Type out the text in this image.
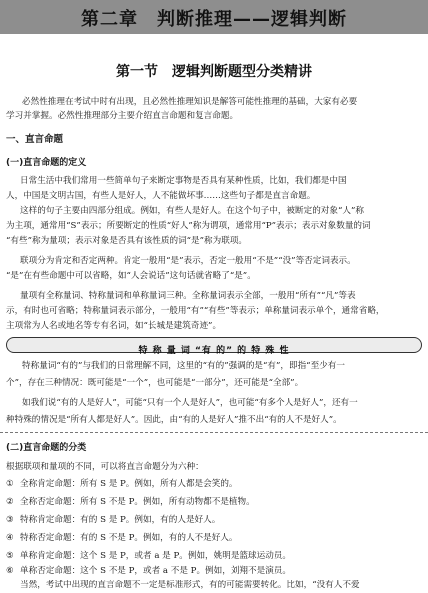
第二章　判断推理——逻辑判断
第一节　逻辑判断题型分类精讲
必然性推理在考试中时有出现，且必然性推理知识是解答可能性推理的基础，大家有必要
学习并掌握。必然性推理部分主要介绍直言命题和复言命题。
一、直言命题
(一)直言命题的定义
日常生活中我们常用一些简单句子来断定事物是否具有某种性质，比如，我们都是中国
人，中国是文明古国，有些人是好人，人不能做坏事……这些句子都是直言命题。
这样的句子主要由四部分组成。例如，有些人是好人。在这个句子中，被断定的对象“人”称
为主项，通常用“S”表示；所要断定的性质“好人”称为谓项，通常用“P”表示；表示对象数量的词
“有些”称为量项；表示对象是否具有该性质的词“是”称为联项。
联项分为肯定和否定两种。肯定一般用“是”表示，否定一般用“不是”“没”等否定词表示。
“是”在有些命题中可以省略，如“人会说话”这句话就省略了“是”。
量项有全称量词、特称量词和单称量词三种。全称量词表示全部，一般用“所有”“凡”等表
示，有时也可省略；特称量词表示部分，一般用“有”“有些”等表示；单称量词表示单个，通常省略，
主项常为人名或地名等专有名词，如“长城是建筑奇迹”。
特 称 量 词 “有 的” 的 特 殊 性
特称量词“有的”与我们的日常理解不同，这里的“有的”强调的是“有”，即指“至少有一
个”，存在三种情况：既可能是“一个”，也可能是“一部分”，还可能是“全部”。
如我们说“有的人是好人”，可能“只有一个人是好人”，也可能“有多个人是好人”，还有一
种特殊的情况是“所有人都是好人”。因此，由“有的人是好人”推不出“有的人不是好人”。
(二)直言命题的分类
根据联项和量项的不同，可以将直言命题分为六种：
① 全称肯定命题：所有 S 是 P。例如，所有人都是会笑的。
② 全称否定命题：所有 S 不是 P。例如，所有动物都不是植物。
③ 特称肯定命题：有的 S 是 P。例如，有的人是好人。
④ 特称否定命题：有的 S 不是 P。例如，有的人不是好人。
⑤ 单称肯定命题：这个 S 是 P，或者 a 是 P。例如，姚明是篮球运动员。
⑥ 单称否定命题：这个 S 不是 P，或者 a 不是 P。例如，刘翔不是演员。
当然，考试中出现的直言命题不一定是标准形式，有的可能需要转化。比如，“没有人不爱
